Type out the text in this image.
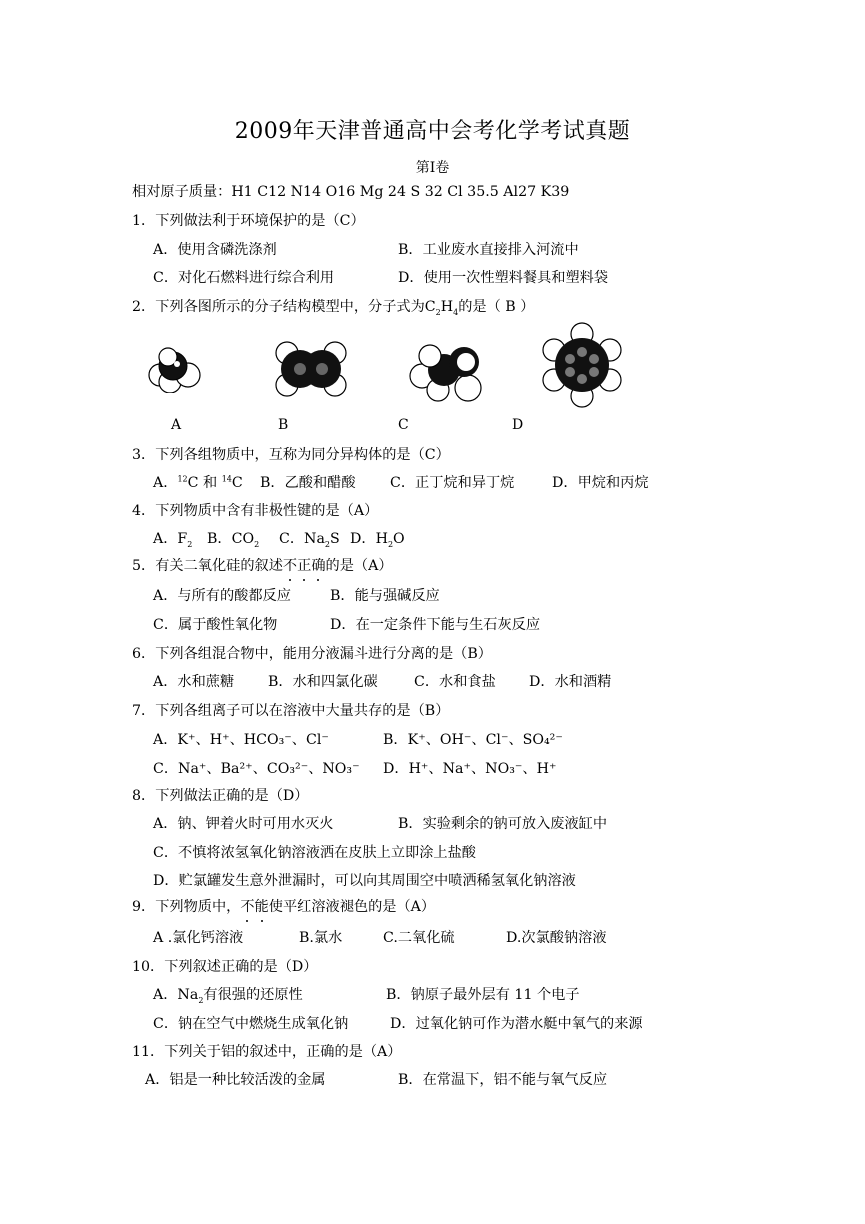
2009年天津普通高中会考化学考试真题
第Ⅰ卷
相对原子质量：H1 C12 N14 O16 Mg 24 S 32 Cl 35.5 Al27 K39
1．下列做法利于环境保护的是（C）
A．使用含磷洗涤剂	B．工业废水直接排入河流中
C．对化石燃料进行综合利用	D．使用一次性塑料餐具和塑料袋
2．下列各图所示的分子结构模型中，分子式为$C_2H_4$的是（ B ）
A	B	C	D
3．下列各组物质中，互称为同分异构体的是（C）
A．$^{12}$C 和 $^{14}$C B．乙酸和醋酸 C．正丁烷和异丁烷	D．甲烷和丙烷
4．下列物质中含有非极性键的是（A）
A．$F_2$ B．$CO_2$ C．$Na_2S$ D．$H_2O$
5．有关二氧化硅的叙述不正确的是（A）
A．与所有的酸都反应	B．能与强碱反应
C．属于酸性氧化物	D．在一定条件下能与生石灰反应
6．下列各组混合物中，能用分液漏斗进行分离的是（B）
A．水和蔗糖 B．水和四氯化碳	C．水和食盐 D．水和酒精
7．下列各组离子可以在溶液中大量共存的是（B）
A．K⁺、H⁺、HCO₃⁻、Cl⁻	B．K⁺、OH⁻、Cl⁻、SO₄²⁻
C．Na⁺、Ba²⁺、CO₃²⁻、NO₃⁻ D．H⁺、Na⁺、NO₃⁻、H⁺
8．下列做法正确的是（D）
A．钠、钾着火时可用水灭火	B．实验剩余的钠可放入废液缸中
C．不慎将浓氢氧化钠溶液洒在皮肤上立即涂上盐酸
D．贮氯罐发生意外泄漏时，可以向其周围空中喷洒稀氢氧化钠溶液
9．下列物质中，不能使平红溶液褪色的是（A）
A .氯化钙溶液	B.氯水	C.二氧化硫	D.次氯酸钠溶液
10．下列叙述正确的是（D）
A．$Na_2$有很强的还原性	B．钠原子最外层有 11 个电子
C．钠在空气中燃烧生成氧化钠	D．过氧化钠可作为潜水艇中氧气的来源
11．下列关于铝的叙述中，正确的是（A）
A．铝是一种比较活泼的金属	B．在常温下，铝不能与氧气反应
